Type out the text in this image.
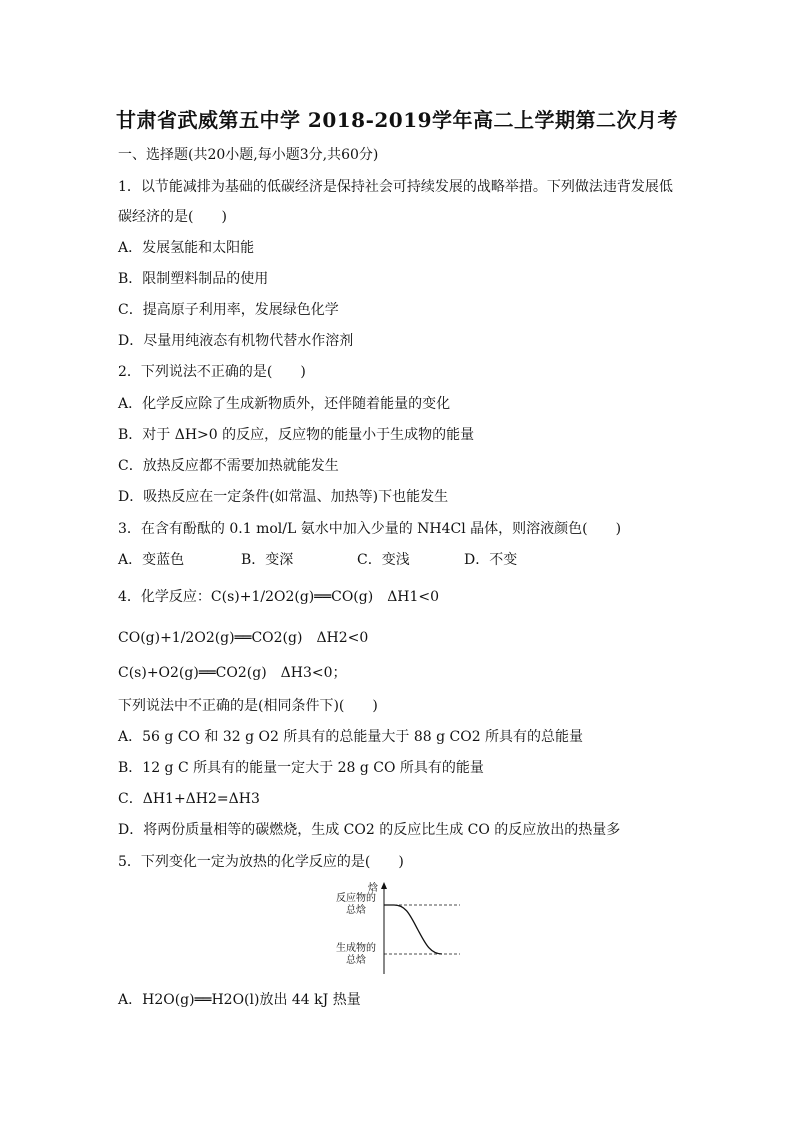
甘肃省武威第五中学 2018-2019学年高二上学期第二次月考
一、选择题(共20小题,每小题3分,共60分)
1．以节能减排为基础的低碳经济是保持社会可持续发展的战略举措。下列做法违背发展低
碳经济的是(　　)
A．发展氢能和太阳能
B．限制塑料制品的使用
C．提高原子利用率，发展绿色化学
D．尽量用纯液态有机物代替水作溶剂
2．下列说法不正确的是(　　)
A．化学反应除了生成新物质外，还伴随着能量的变化
B．对于 ΔH>0 的反应，反应物的能量小于生成物的能量
C．放热反应都不需要加热就能发生
D．吸热反应在一定条件(如常温、加热等)下也能发生
3．在含有酚酞的 0.1 mol/L 氨水中加入少量的 NH4Cl 晶体，则溶液颜色(　　)
A．变蓝色	B．变深	C．变浅	D．不变
4．化学反应：C(s)+1/2O2(g)══CO(g)　ΔH1<0
CO(g)+1/2O2(g)══CO2(g)　ΔH2<0
C(s)+O2(g)══CO2(g)　ΔH3<0；
下列说法中不正确的是(相同条件下)(　　)
A．56 g CO 和 32 g O2 所具有的总能量大于 88 g CO2 所具有的总能量
B．12 g C 所具有的能量一定大于 28 g CO 所具有的能量
C．ΔH1+ΔH2=ΔH3
D．将两份质量相等的碳燃烧，生成 CO2 的反应比生成 CO 的反应放出的热量多
5．下列变化一定为放热的化学反应的是(　　)
焓
反应物的
总焓
生成物的
总焓
A．H2O(g)══H2O(l)放出 44 kJ 热量
